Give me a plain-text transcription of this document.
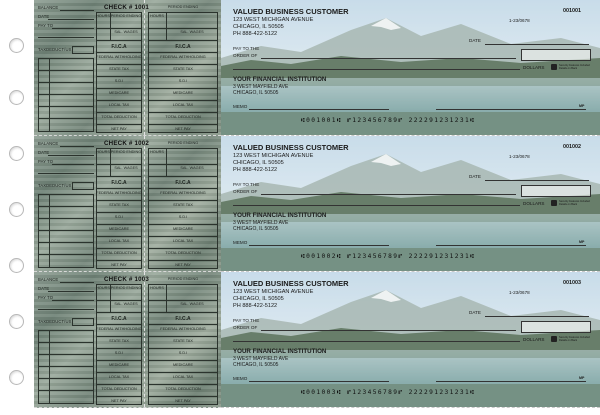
CHECK # 1001
BALANCE
DATE
PAY TO
TAXDEDUCT/US
HOURS PERIOD ENDING
SAL. WAGES
F.I.C.A
FEDERAL WITHHOLDING
STATE TAX
S.D.I
MEDICARE
LOCAL TAX
TOTAL DEDUCTION
NET PAY
PERIOD ENDING
HOURS
SAL. WAGES
F.I.C.A
FEDERAL WITHHOLDING
STATE TAX
S.D.I
MEDICARE
LOCAL TAX
TOTAL DEDUCTION
NET PAY
VALUED BUSINESS CUSTOMER
123 WEST MICHIGAN AVENUE
CHICAGO, IL 50505
PH 888-422-5122
001001
1-23/0678
DATE
PAY TO THE
ORDER OF
DOLLARS	Security Features Included Details on Back
YOUR FINANCIAL INSTITUTION
3 WEST MAYFIELD AVE
CHICAGO, IL 50505
MEMO	MP
⑆001001⑆ ⑈123456789⑈ 222291231231⑆
CHECK # 1002
BALANCE
DATE
PAY TO
TAXDEDUCT/US
HOURS PERIOD ENDING
SAL. WAGES
F.I.C.A
FEDERAL WITHHOLDING
STATE TAX
S.D.I
MEDICARE
LOCAL TAX
TOTAL DEDUCTION
NET PAY
PERIOD ENDING
HOURS
SAL. WAGES
F.I.C.A
FEDERAL WITHHOLDING
STATE TAX
S.D.I
MEDICARE
LOCAL TAX
TOTAL DEDUCTION
NET PAY
VALUED BUSINESS CUSTOMER
123 WEST MICHIGAN AVENUE
CHICAGO, IL 50505
PH 888-422-5122
001002
1-23/0678
DATE
PAY TO THE
ORDER OF
DOLLARS	Security Features Included Details on Back
YOUR FINANCIAL INSTITUTION
3 WEST MAYFIELD AVE
CHICAGO, IL 50505
MEMO	MP
⑆001002⑆ ⑈123456789⑈ 222291231231⑆
CHECK # 1003
BALANCE
DATE
PAY TO
TAXDEDUCT/US
HOURS PERIOD ENDING
SAL. WAGES
F.I.C.A
FEDERAL WITHHOLDING
STATE TAX
S.D.I
MEDICARE
LOCAL TAX
TOTAL DEDUCTION
NET PAY
PERIOD ENDING
HOURS
SAL. WAGES
F.I.C.A
FEDERAL WITHHOLDING
STATE TAX
S.D.I
MEDICARE
LOCAL TAX
TOTAL DEDUCTION
NET PAY
VALUED BUSINESS CUSTOMER
123 WEST MICHIGAN AVENUE
CHICAGO, IL 50505
PH 888-422-5122
001003
1-23/0678
DATE
PAY TO THE
ORDER OF
DOLLARS	Security Features Included Details on Back
YOUR FINANCIAL INSTITUTION
3 WEST MAYFIELD AVE
CHICAGO, IL 50505
MEMO	MP
⑆001003⑆ ⑈123456789⑈ 222291231231⑆
